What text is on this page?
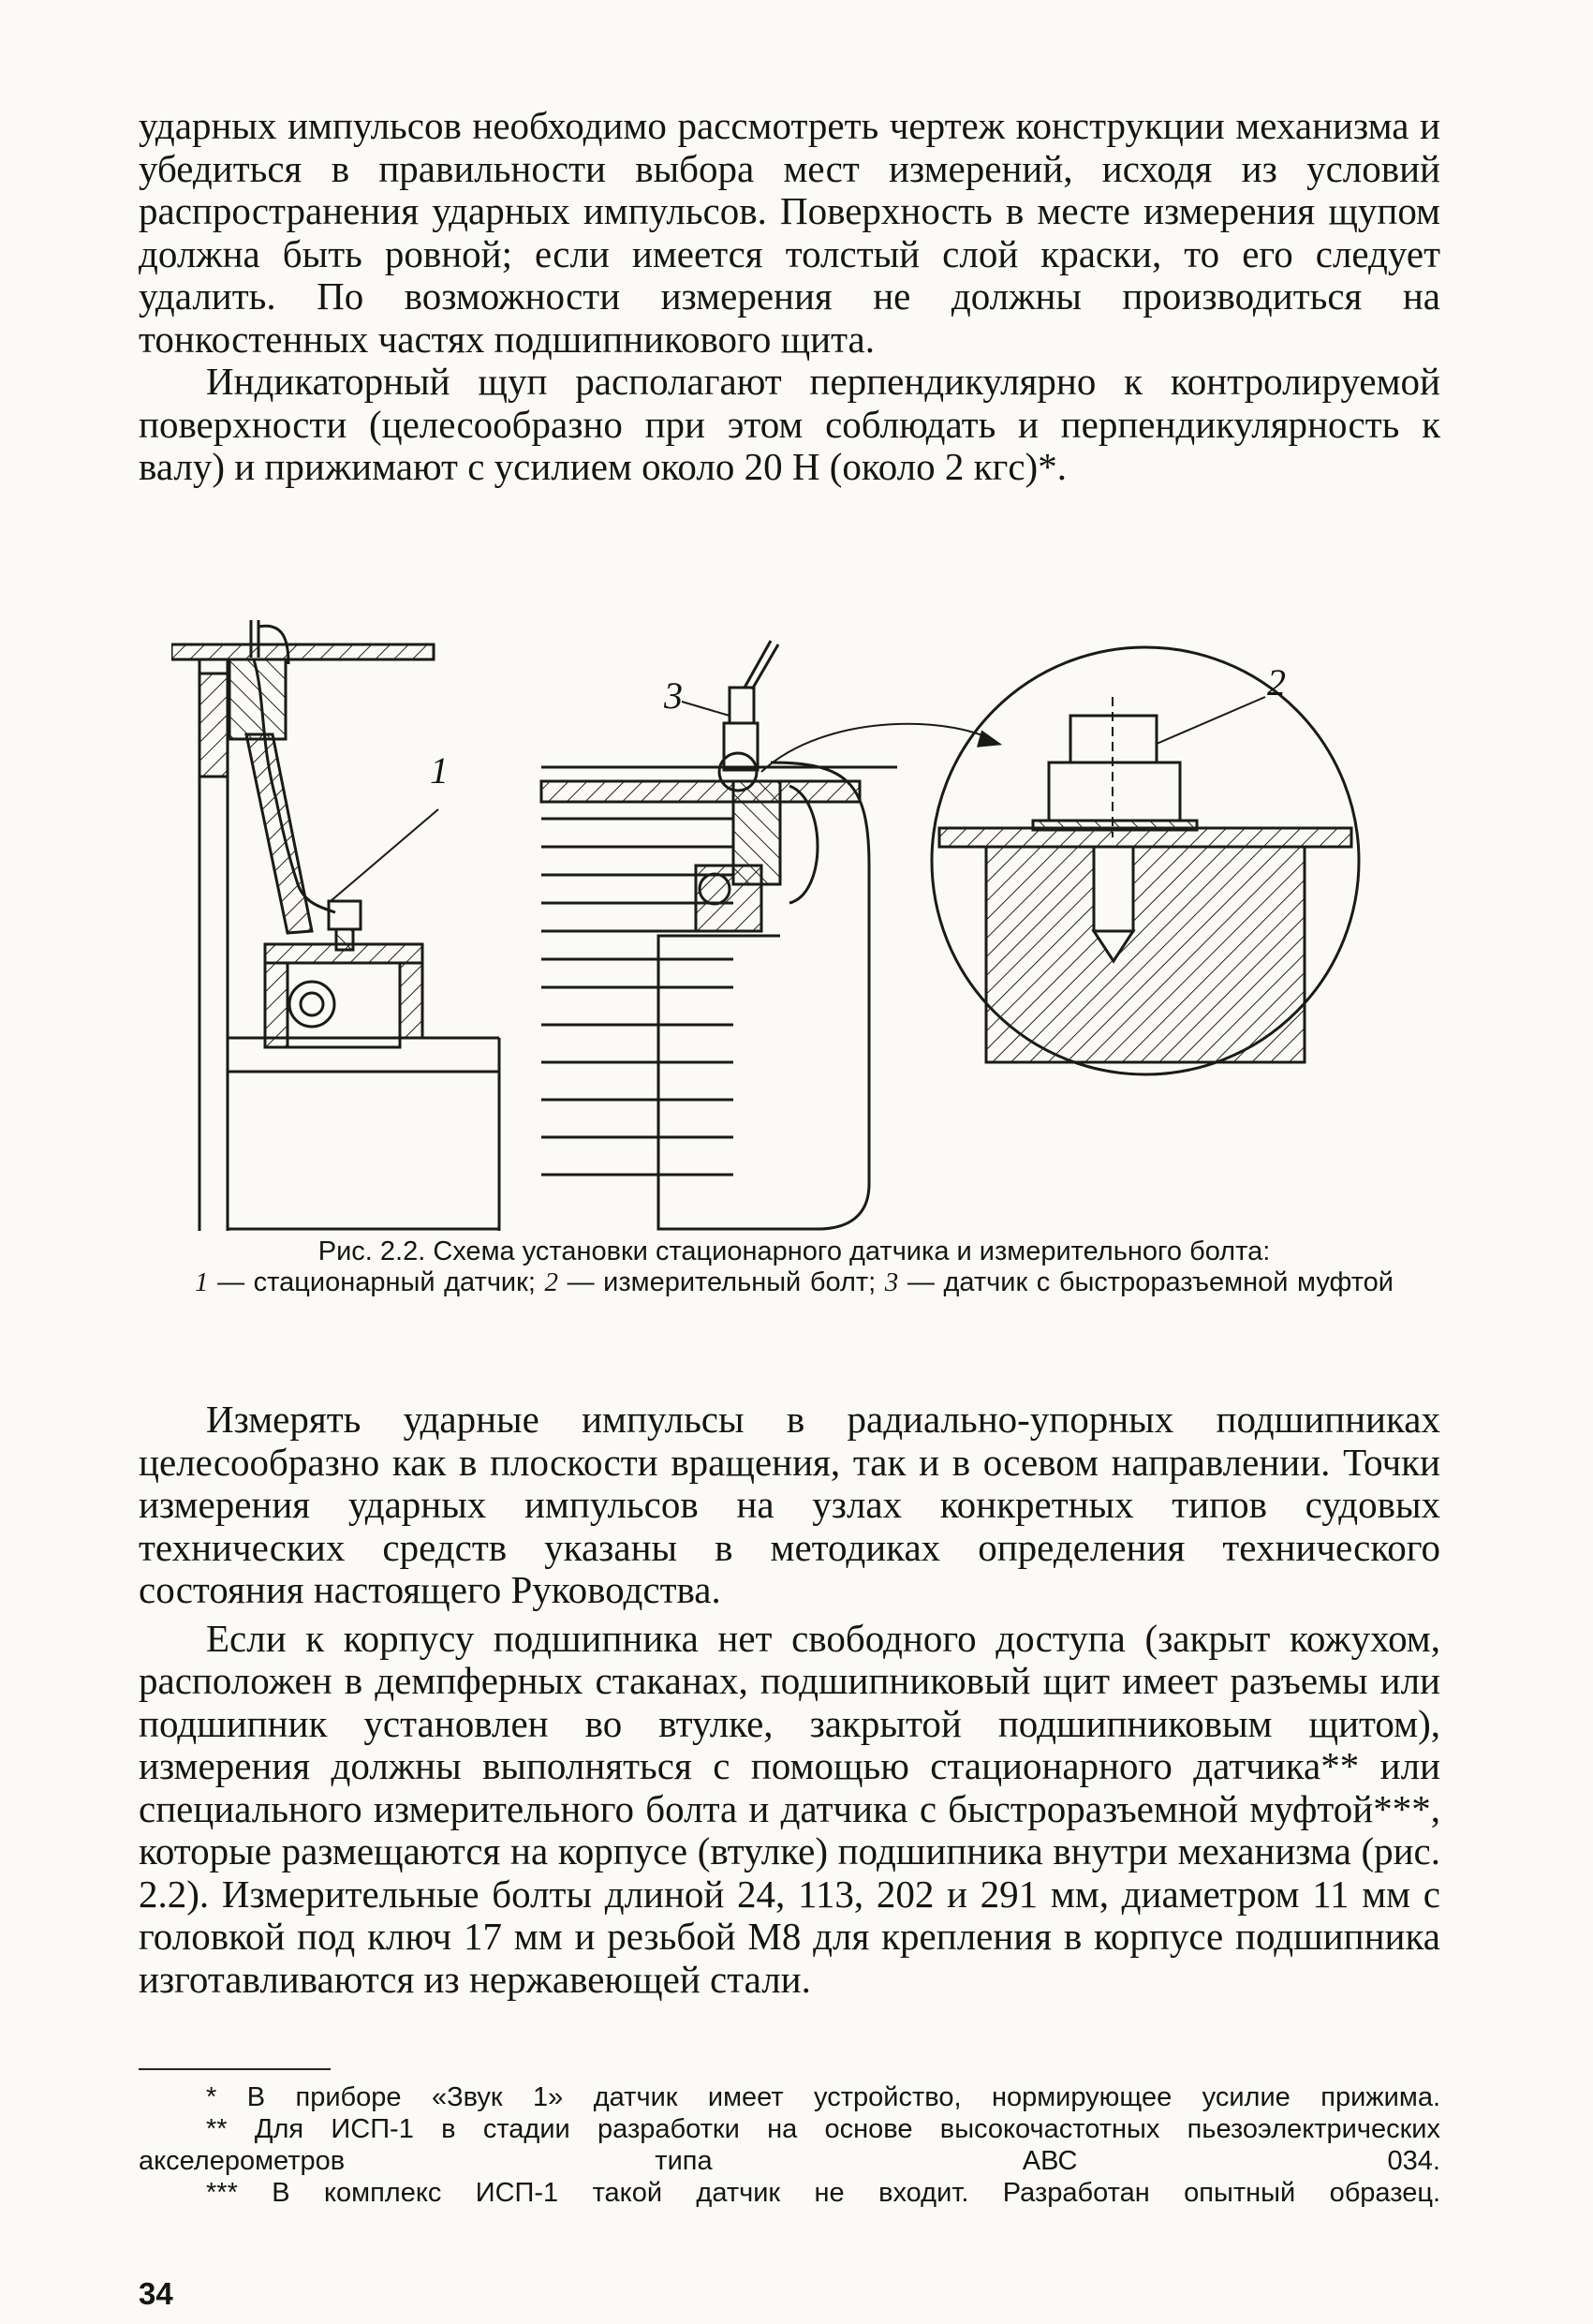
ударных импульсов необходимо рассмотреть чертеж конструкции механизма и убедиться в правильности выбора мест измерений, исходя из условий распространения ударных импульсов. Поверхность в месте измерения щупом должна быть ровной; если имеется толстый слой краски, то его следует удалить. По возможности измерения не должны производиться на тонкостенных частях подшипникового щита.

Индикаторный щуп располагают перпендикулярно к контролируемой поверхности (целесообразно при этом соблюдать и перпендикулярность к валу) и прижимают с усилием около 20 Н (около 2 кгс)*.

1
2
3
Рис. 2.2. Схема установки стационарного датчика и измерительного болта:
1 — стационарный датчик; 2 — измерительный болт; 3 — датчик с быстроразъемной муфтой

Измерять ударные импульсы в радиально-упорных подшипниках целесообразно как в плоскости вращения, так и в осевом направлении. Точки измерения ударных импульсов на узлах конкретных типов судовых технических средств указаны в методиках определения технического состояния настоящего Руководства.

Если к корпусу подшипника нет свободного доступа (закрыт кожухом, расположен в демпферных стаканах, подшипниковый щит имеет разъемы или подшипник установлен во втулке, закрытой подшипниковым щитом), измерения должны выполняться с помощью стационарного датчика** или специального измерительного болта и датчика с быстроразъемной муфтой***, которые размещаются на корпусе (втулке) подшипника внутри механизма (рис. 2.2). Измерительные болты длиной 24, 113, 202 и 291 мм, диаметром 11 мм с головкой под ключ 17 мм и резьбой М8 для крепления в корпусе подшипника изготавливаются из нержавеющей стали.

* В приборе «Звук 1» датчик имеет устройство, нормирующее усилие прижима.

** Для ИСП-1 в стадии разработки на основе высокочастотных пьезоэлектрических акселерометров типа АВС 034.

*** В комплекс ИСП-1 такой датчик не входит. Разработан опытный образец.

34
